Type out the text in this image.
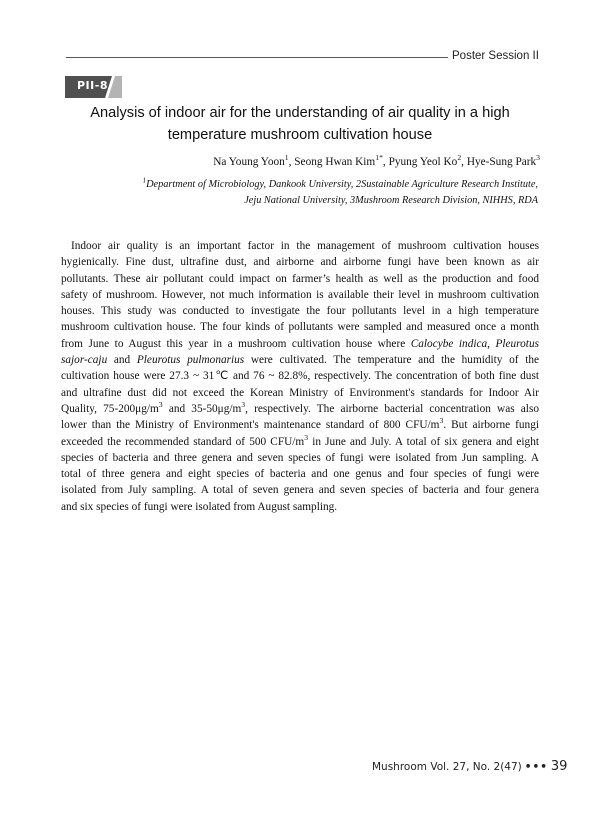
Poster Session II
PII-8
Analysis of indoor air for the understanding of air quality in a high
temperature mushroom cultivation house
Na Young Yoon$^1$, Seong Hwan Kim$^{1*}$, Pyung Yeol Ko$^2$, Hye-Sung Park$^3$
$^1$Department of Microbiology, Dankook University, 2Sustainable Agriculture Research Institute,
Jeju National University, 3Mushroom Research Division, NIHHS, RDA
Indoor air quality is an important factor in the management of mushroom cultivation houses
hygienically. Fine dust, ultrafine dust, and airborne and airborne fungi have been known as air
pollutants. These air pollutant could impact on farmer’s health as well as the production and food
safety of mushroom. However, not much information is available their level in mushroom cultivation
houses. This study was conducted to investigate the four pollutants level in a high temperature
mushroom cultivation house. The four kinds of pollutants were sampled and measured once a month
from June to August this year in a mushroom cultivation house where Calocybe indica, Pleurotus
sajor-caju and Pleurotus pulmonarius were cultivated. The temperature and the humidity of the
cultivation house were 27.3 ~ 31℃ and 76 ~ 82.8%, respectively. The concentration of both fine dust
and ultrafine dust did not exceed the Korean Ministry of Environment's standards for Indoor Air
Quality, $75-200\mu g/m^3$ and $35-50\mu g/m^3$, respectively. The airborne bacterial concentration was also
lower than the Ministry of Environment's maintenance standard of 800 CFU/$m^3$. But airborne fungi
exceeded the recommended standard of 500 CFU/$m^3$ in June and July. A total of six genera and eight
species of bacteria and three genera and seven species of fungi were isolated from Jun sampling. A
total of three genera and eight species of bacteria and one genus and four species of fungi were
isolated from July sampling. A total of seven genera and seven species of bacteria and four genera
and six species of fungi were isolated from August sampling.
Mushroom Vol. 27, No. 2(47) ••• 39
